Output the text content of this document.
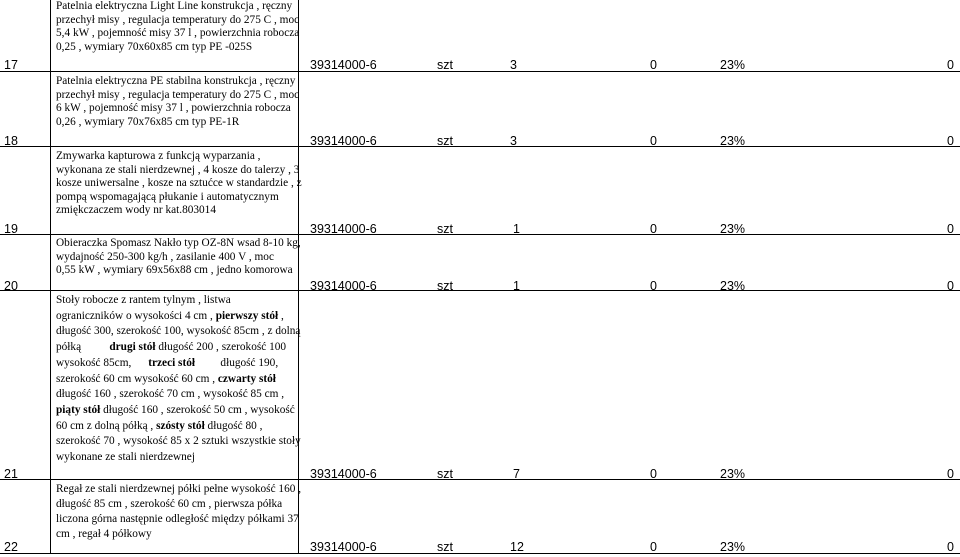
Patelnia elektryczna Light Line konstrukcja , ręczny
przechył misy , regulacja temperatury do 275 C , moc
5,4 kW , pojemność misy 37 l , powierzchnia robocza
0,25 , wymiary 70x60x85 cm typ PE -025S
17	39314000-6	szt	3	0	23%	0
Patelnia elektryczna PE stabilna konstrukcja , ręczny
przechył misy , regulacja temperatury do 275 C , moc
6 kW , pojemność misy 37 l , powierzchnia robocza
0,26 , wymiary 70x76x85 cm typ PE-1R
18	39314000-6	szt	3	0	23%	0
Zmywarka kapturowa z funkcją wyparzania ,
wykonana ze stali nierdzewnej , 4 kosze do talerzy , 3
kosze uniwersalne , kosze na sztućce w standardzie , z
pompą wspomagającą płukanie i automatycznym
zmiękczaczem wody nr kat.803014
19	39314000-6	szt	1	0	23%	0
Obieraczka Spomasz Nakło typ OZ-8N wsad 8-10 kg,
wydajność 250-300 kg/h , zasilanie 400 V , moc
0,55 kW , wymiary 69x56x88 cm , jedno komorowa
20	39314000-6	szt	1	0	23%	0
Stoły robocze z rantem tylnym , listwa
ograniczników o wysokości 4 cm , pierwszy stół ,
długość 300, szerokość 100, wysokość 85cm , z dolną
półką	drugi stół długość 200 , szerokość 100
wysokość 85cm, trzeci stół długość 190,
szerokość 60 cm wysokość 60 cm , czwarty stół
długość 160 , szerokość 70 cm , wysokość 85 cm ,
piąty stół długość 160 , szerokość 50 cm , wysokość
60 cm z dolną półką , szósty stół długość 80 ,
szerokość 70 , wysokość 85 x 2 sztuki wszystkie stoły
wykonane ze stali nierdzewnej
21	39314000-6	szt	7	0	23%	0
Regał ze stali nierdzewnej półki pełne wysokość 160 ,
długość 85 cm , szerokość 60 cm , pierwsza półka
liczona górna następnie odległość między półkami 37
cm , regał 4 półkowy
22	39314000-6	szt	12	0	23%	0
